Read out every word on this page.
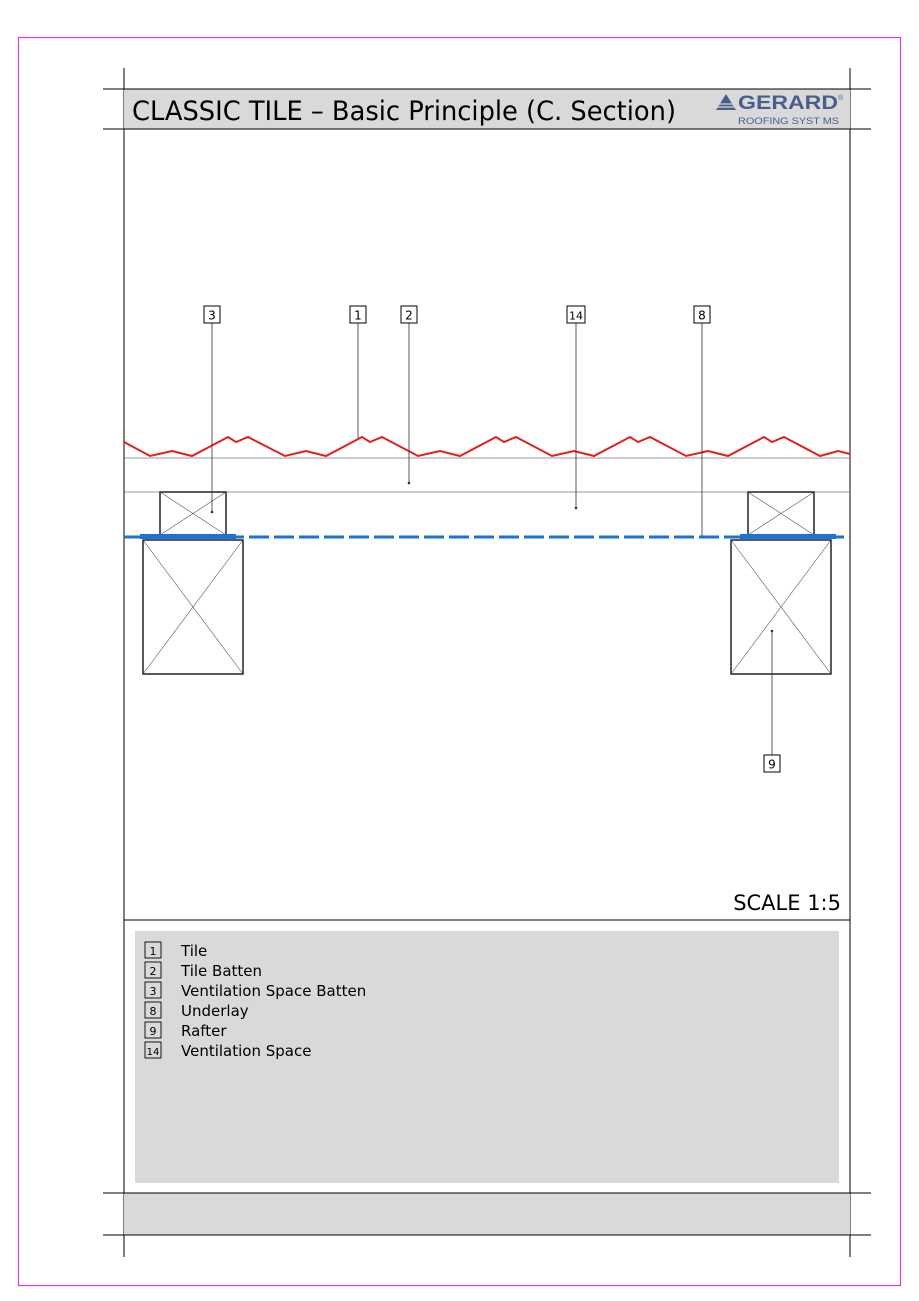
CLASSIC TILE – Basic Principle (C. Section)	GERARD ®
ROOFING SYST MS
3	1	2	14	8
9
SCALE 1:5
1 Tile
2 Tile Batten
3 Ventilation Space Batten
8 Underlay
9 Rafter
14 Ventilation Space
